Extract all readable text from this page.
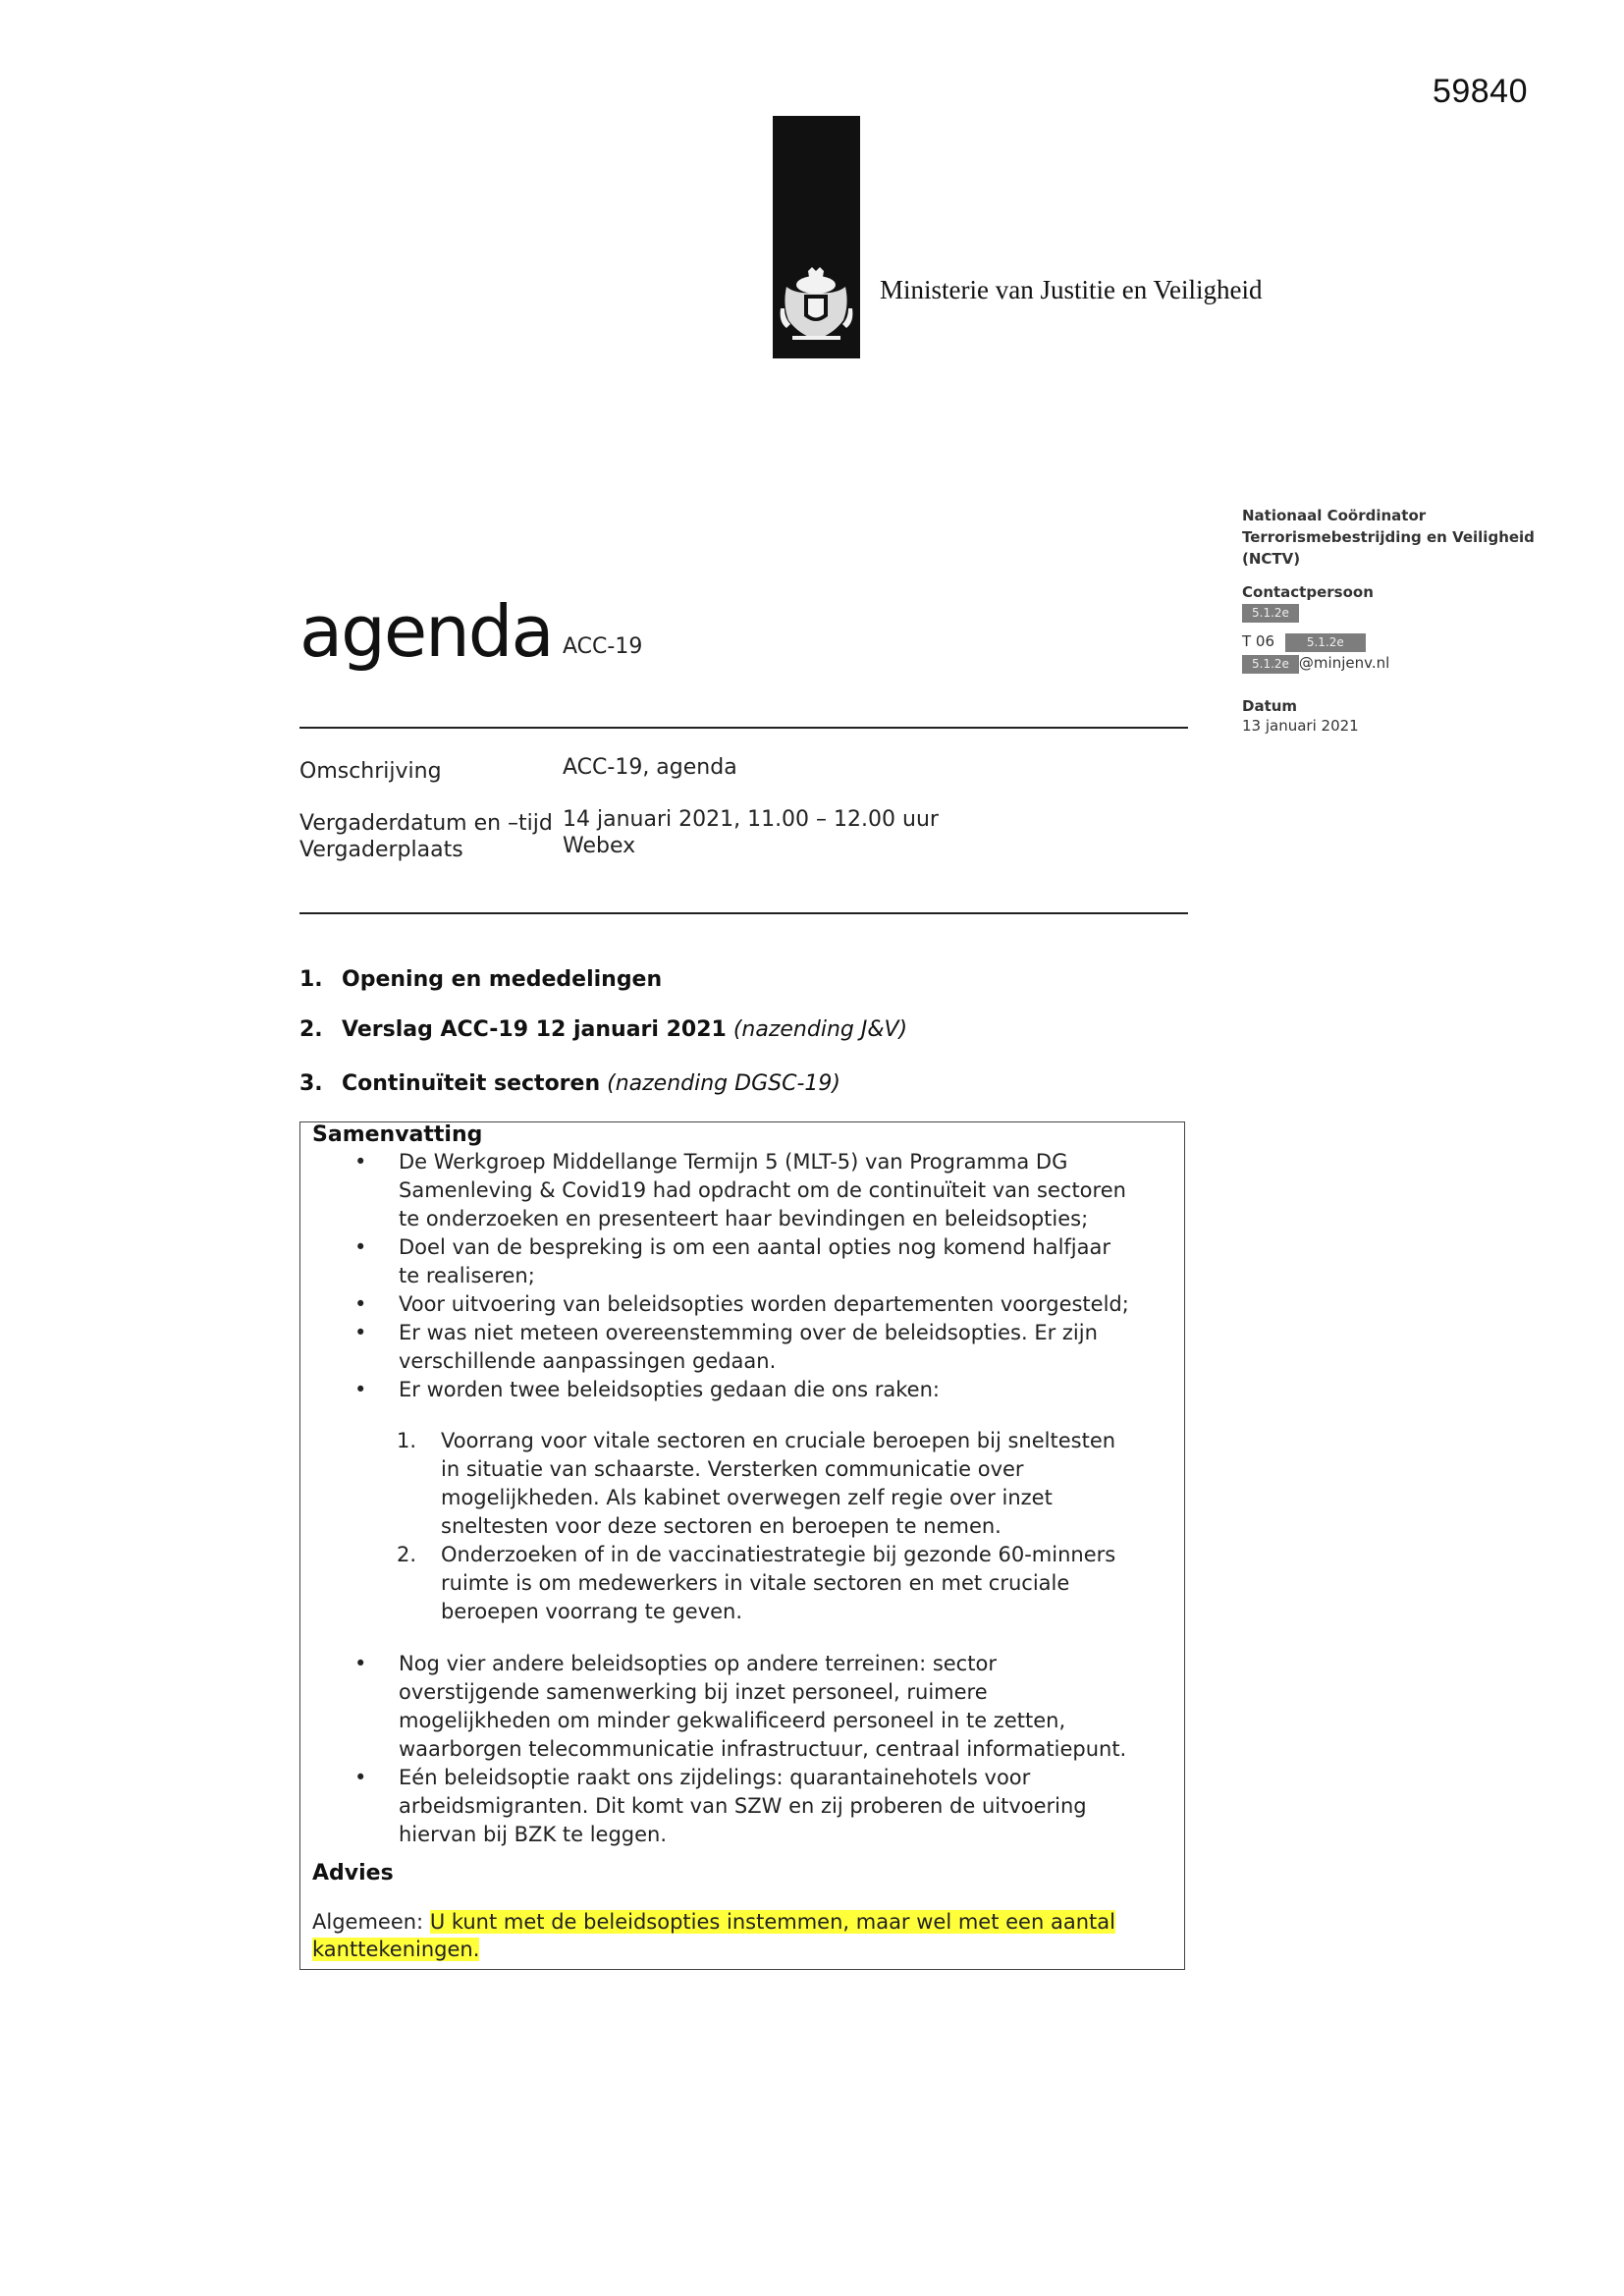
59840
Ministerie van Justitie en Veiligheid
agenda ACC-19
Nationaal Coördinator Terrorismebestrijding en Veiligheid (NCTV)
Contactpersoon
5.1.2e
T 06	5.1.2e
5.1.2e @minjenv.nl
Datum
13 januari 2021
Omschrijving	ACC-19, agenda
Vergaderdatum en –tijd 14 januari 2021, 11.00 – 12.00 uur
Vergaderplaats	Webex
1. Opening en mededelingen
2. Verslag ACC-19 12 januari 2021 (nazending J&V)
3. Continuïteit sectoren (nazending DGSC-19)
Samenvatting
• De Werkgroep Middellange Termijn 5 (MLT-5) van Programma DG Samenleving & Covid19 had opdracht om de continuïteit van sectoren te onderzoeken en presenteert haar bevindingen en beleidsopties;
• Doel van de bespreking is om een aantal opties nog komend halfjaar te realiseren;
• Voor uitvoering van beleidsopties worden departementen voorgesteld;
• Er was niet meteen overeenstemming over de beleidsopties. Er zijn verschillende aanpassingen gedaan.
• Er worden twee beleidsopties gedaan die ons raken:
1. Voorrang voor vitale sectoren en cruciale beroepen bij sneltesten in situatie van schaarste. Versterken communicatie over mogelijkheden. Als kabinet overwegen zelf regie over inzet sneltesten voor deze sectoren en beroepen te nemen.
2. Onderzoeken of in de vaccinatiestrategie bij gezonde 60-minners ruimte is om medewerkers in vitale sectoren en met cruciale beroepen voorrang te geven.
• Nog vier andere beleidsopties op andere terreinen: sector overstijgende samenwerking bij inzet personeel, ruimere mogelijkheden om minder gekwalificeerd personeel in te zetten, waarborgen telecommunicatie infrastructuur, centraal informatiepunt.
• Eén beleidsoptie raakt ons zijdelings: quarantainehotels voor arbeidsmigranten. Dit komt van SZW en zij proberen de uitvoering hiervan bij BZK te leggen.
Advies
Algemeen: U kunt met de beleidsopties instemmen, maar wel met een aantal kanttekeningen.
